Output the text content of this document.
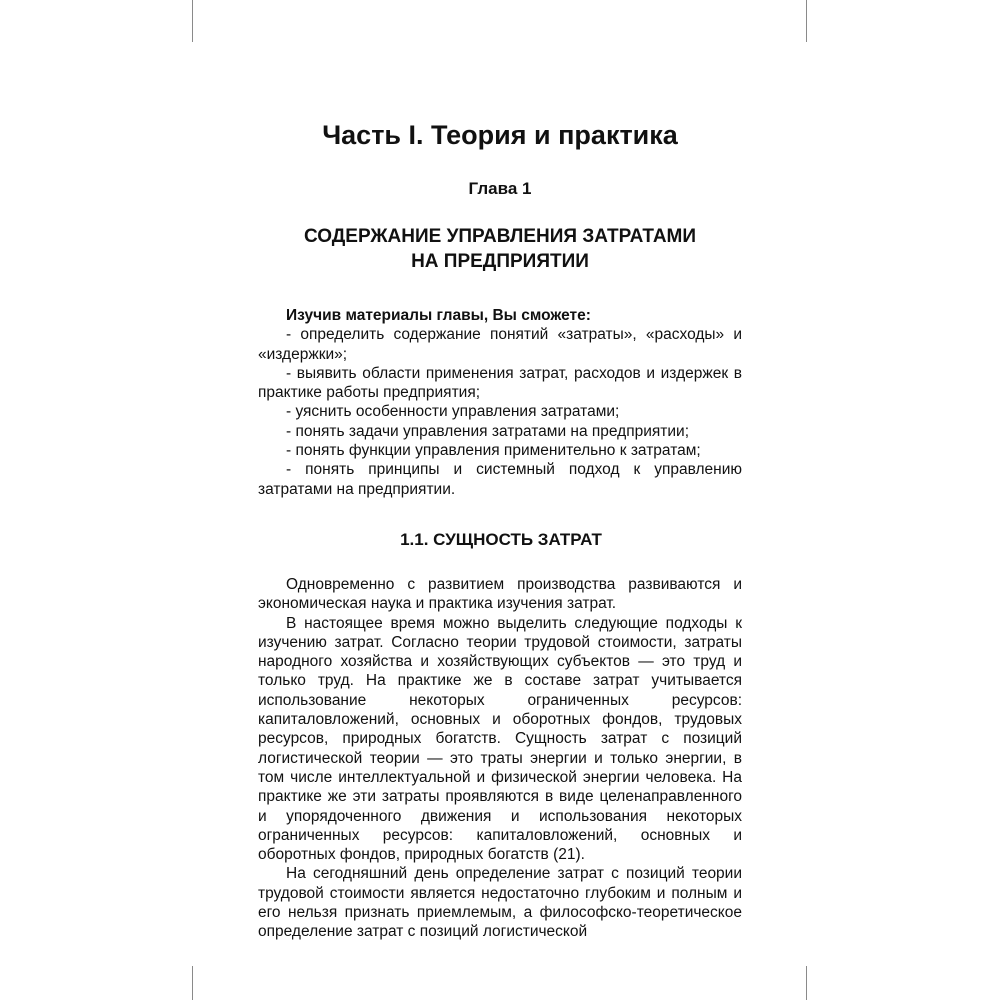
Часть I. Теория и практика
Глава 1
СОДЕРЖАНИЕ УПРАВЛЕНИЯ ЗАТРАТАМИ
НА ПРЕДПРИЯТИИ
Изучив материалы главы, Вы сможете:
- определить содержание понятий «затраты», «расходы» и «издержки»;
- выявить области применения затрат, расходов и издержек в практике работы предприятия;
- уяснить особенности управления затратами;
- понять задачи управления затратами на предприятии;
- понять функции управления применительно к затратам;
- понять принципы и системный подход к управлению затратами на предприятии.
1.1. СУЩНОСТЬ ЗАТРАТ

Одновременно с развитием производства развиваются и экономическая наука и практика изучения затрат.

В настоящее время можно выделить следующие подходы к изучению затрат. Согласно теории трудовой стоимости, затраты народного хозяйства и хозяйствующих субъектов — это труд и только труд. На практике же в составе затрат учитывается использование некоторых ограниченных ресурсов: капиталовложений, основных и оборотных фондов, трудовых ресурсов, природных богатств. Сущность затрат с позиций логистической теории — это траты энергии и только энергии, в том числе интеллектуальной и физической энергии человека. На практике же эти затраты проявляются в виде целенаправленного и упорядоченного движения и использования некоторых ограниченных ресурсов: капиталовложений, основных и оборотных фондов, природных богатств (21).

На сегодняшний день определение затрат с позиций теории трудовой стоимости является недостаточно глубоким и полным и его нельзя признать приемлемым, а философско-теоретическое определение затрат с позиций логистической
